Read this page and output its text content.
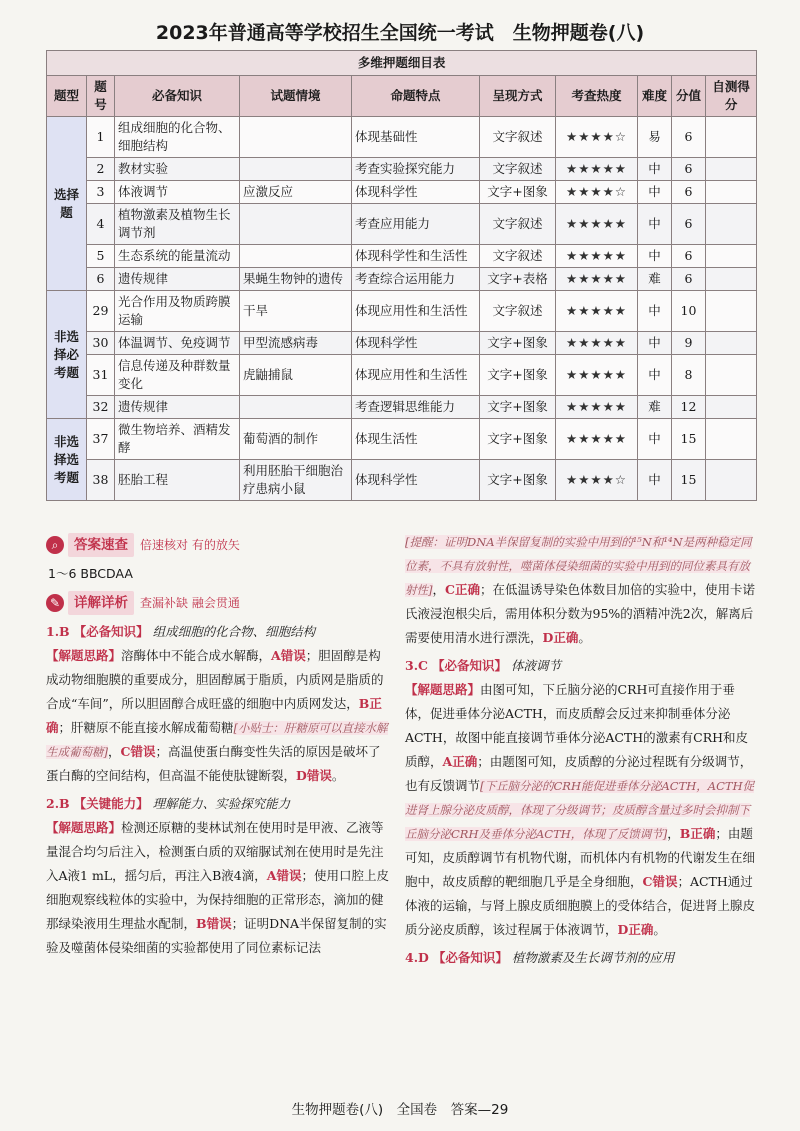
2023年普通高等学校招生全国统一考试　生物押题卷(八)
多维押题细目表									
题型	题号	必备知识	试题情境	命题特点	呈现方式	考查热度	难度	分值	自测得分
选择题	1	组成细胞的化合物、细胞结构		体现基础性	文字叙述	★★★★☆	易	6	
	2	教材实验		考查实验探究能力	文字叙述	★★★★★	中	6	
	3	体液调节	应激反应	体现科学性	文字+图象	★★★★☆	中	6	
	4	植物激素及植物生长调节剂		考查应用能力	文字叙述	★★★★★	中	6	
	5	生态系统的能量流动		体现科学性和生活性	文字叙述	★★★★★	中	6	
	6	遗传规律	果蝇生物钟的遗传	考查综合运用能力	文字+表格	★★★★★	难	6	
非选择必考题	29	光合作用及物质跨膜运输	干旱	体现应用性和生活性	文字叙述	★★★★★	中	10	
	30	体温调节、免疫调节	甲型流感病毒	体现科学性	文字+图象	★★★★★	中	9	
	31	信息传递及种群数量变化	虎鼬捕鼠	体现应用性和生活性	文字+图象	★★★★★	中	8	
	32	遗传规律		考查逻辑思维能力	文字+图象	★★★★★	难	12	
非选择选考题	37	微生物培养、酒精发酵	葡萄酒的制作	体现生活性	文字+图象	★★★★★	中	15	
	38	胚胎工程	利用胚胎干细胞治疗患病小鼠	体现科学性	文字+图象	★★★★☆	中	15	
⌕	答案速查	倍速核对 有的放矢
1～6 BBCDAA
✎	详解详析	查漏补缺 融会贯通
1.B 【必备知识】 组成细胞的化合物、细胞结构

【解题思路】溶酶体中不能合成水解酶，A错误；胆固醇是构成动物细胞膜的重要成分，胆固醇属于脂质，内质网是脂质的合成“车间”，所以胆固醇合成旺盛的细胞中内质网发达，B正确；肝糖原不能直接水解成葡萄糖[小贴士：肝糖原可以直接水解生成葡萄糖]，C错误；高温使蛋白酶变性失活的原因是破坏了蛋白酶的空间结构，但高温不能使肽键断裂，D错误。

2.B 【关键能力】 理解能力、实验探究能力

【解题思路】检测还原糖的斐林试剂在使用时是甲液、乙液等量混合均匀后注入，检测蛋白质的双缩脲试剂在使用时是先注入A液1 mL，摇匀后，再注入B液4滴，A错误；使用口腔上皮细胞观察线粒体的实验中，为保持细胞的正常形态，滴加的健那绿染液用生理盐水配制，B错误；证明DNA半保留复制的实验及噬菌体侵染细菌的实验都使用了同位素标记法

[提醒：证明DNA半保留复制的实验中用到的¹⁵N和¹⁴N是两种稳定同位素，不具有放射性，噬菌体侵染细菌的实验中用到的同位素具有放射性]，C正确；在低温诱导染色体数目加倍的实验中，使用卡诺氏液浸泡根尖后，需用体积分数为95%的酒精冲洗2次，解离后需要使用清水进行漂洗，D正确。

3.C 【必备知识】 体液调节

【解题思路】由图可知，下丘脑分泌的CRH可直接作用于垂体，促进垂体分泌ACTH，而皮质醇会反过来抑制垂体分泌ACTH，故图中能直接调节垂体分泌ACTH的激素有CRH和皮质醇，A正确；由题图可知，皮质醇的分泌过程既有分级调节，也有反馈调节[下丘脑分泌的CRH能促进垂体分泌ACTH，ACTH促进肾上腺分泌皮质醇，体现了分级调节；皮质醇含量过多时会抑制下丘脑分泌CRH及垂体分泌ACTH，体现了反馈调节]，B正确；由题可知，皮质醇调节有机物代谢，而机体内有机物的代谢发生在细胞中，故皮质醇的靶细胞几乎是全身细胞，C错误；ACTH通过体液的运输，与肾上腺皮质细胞膜上的受体结合，促进肾上腺皮质分泌皮质醇，该过程属于体液调节，D正确。

4.D 【必备知识】 植物激素及生长调节剂的应用
生物押题卷(八)　全国卷　答案—29
